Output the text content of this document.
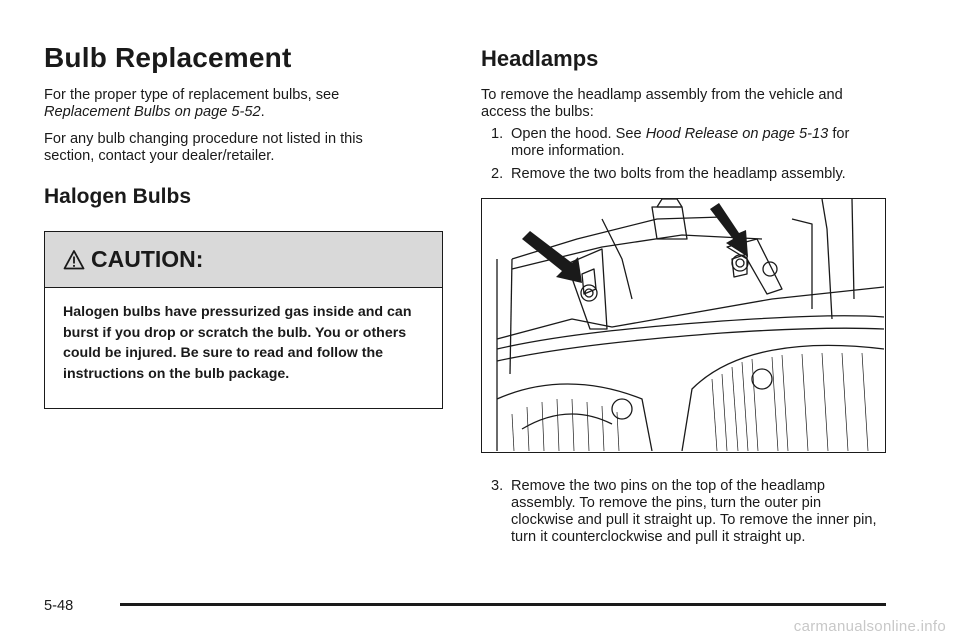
Bulb Replacement

For the proper type of replacement bulbs, see Replacement Bulbs on page 5-52.

For any bulb changing procedure not listed in this section, contact your dealer/retailer.

Halogen Bulbs
CAUTION:
Halogen bulbs have pressurized gas inside and can burst if you drop or scratch the bulb. You or others could be injured. Be sure to read and follow the instructions on the bulb package.
Headlamps

To remove the headlamp assembly from the vehicle and access the bulbs:

1. Open the hood. See Hood Release on page 5-13 for more information.
2. Remove the two bolts from the headlamp assembly.
3. Remove the two pins on the top of the headlamp assembly. To remove the pins, turn the outer pin clockwise and pull it straight up. To remove the inner pin, turn it counterclockwise and pull it straight up.
5-48
carmanualsonline.info
